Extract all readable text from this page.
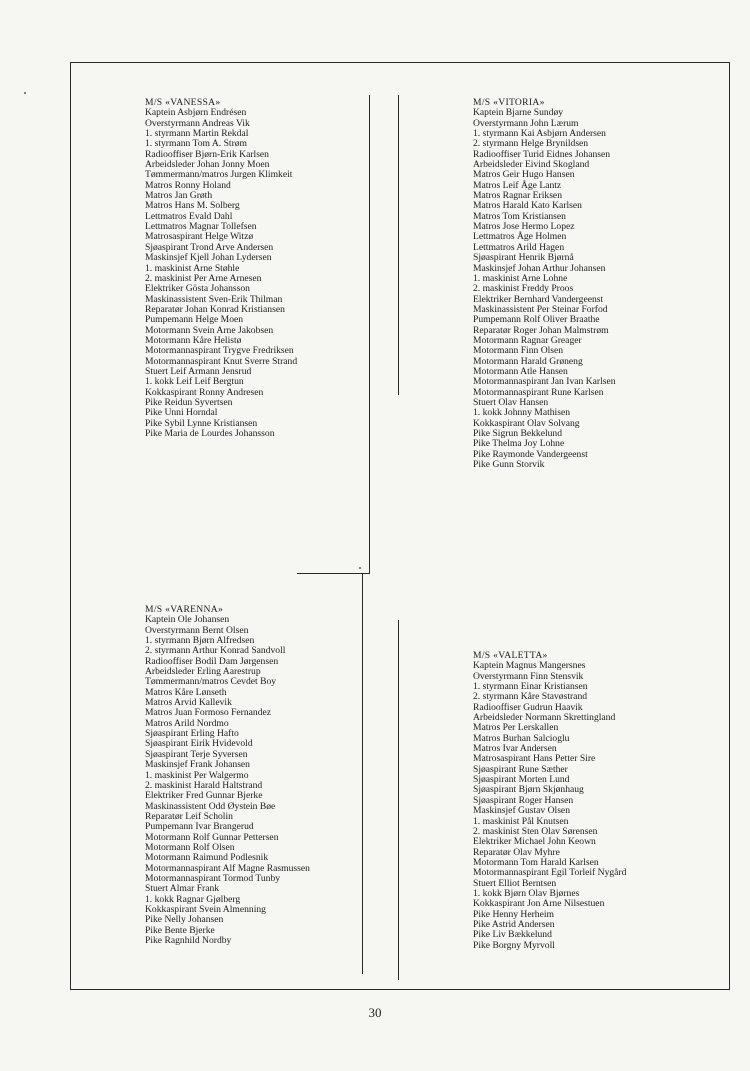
M/S «VANESSA»
Kaptein Asbjørn Endrésen
Overstyrmann Andreas Vik
1. styrmann Martin Rekdal
1. styrmann Tom A. Strøm
Radiooffiser Bjørn-Erik Karlsen
Arbeidsleder Johan Jonny Moen
Tømmermann/matros Jurgen Klimkeit
Matros Ronny Holand
Matros Jan Grøth
Matros Hans M. Solberg
Lettmatros Evald Dahl
Lettmatros Magnar Tollefsen
Matrosaspirant Helge Witzø
Sjøaspirant Trond Arve Andersen
Maskinsjef Kjell Johan Lydersen
1. maskinist Arne Støhle
2. maskinist Per Arne Arnesen
Elektriker Gösta Johansson
Maskinassistent Sven-Erik Thilman
Reparatør Johan Konrad Kristiansen
Pumpemann Helge Moen
Motormann Svein Arne Jakobsen
Motormann Kåre Helistø
Motormannaspirant Trygve Fredriksen
Motormannaspirant Knut Sverre Strand
Stuert Leif Armann Jensrud
1. kokk Leif Leif Bergtun
Kokkaspirant Ronny Andresen
Pike Reidun Syvertsen
Pike Unni Horndal
Pike Sybil Lynne Kristiansen
Pike Maria de Lourdes Johansson
M/S «VITORIA»
Kaptein Bjarne Sundøy
Overstyrmann John Lærum
1. styrmann Kai Asbjørn Andersen
2. styrmann Helge Brynildsen
Radiooffiser Turid Eidnes Johansen
Arbeidsleder Eivind Skogland
Matros Geir Hugo Hansen
Matros Leif Åge Lantz
Matros Ragnar Eriksen
Matros Harald Kato Karlsen
Matros Tom Kristiansen
Matros Jose Hermo Lopez
Lettmatros Åge Holmen
Lettmatros Arild Hagen
Sjøaspirant Henrik Bjørnå
Maskinsjef Johan Arthur Johansen
1. maskinist Arne Lohne
2. maskinist Freddy Proos
Elektriker Bernhard Vandergeenst
Maskinassistent Per Steinar Forfod
Pumpemann Rolf Oliver Braathe
Reparatør Roger Johan Malmstrøm
Motormann Ragnar Greager
Motormann Finn Olsen
Motormann Harald Grøneng
Motormann Atle Hansen
Motormannaspirant Jan Ivan Karlsen
Motormannaspirant Rune Karlsen
Stuert Olav Hansen
1. kokk Johnny Mathisen
Kokkaspirant Olav Solvang
Pike Sigrun Bekkelund
Pike Thelma Joy Lohne
Pike Raymonde Vandergeenst
Pike Gunn Storvik
M/S «VARENNA»
Kaptein Ole Johansen
Overstyrmann Bernt Olsen
1. styrmann Bjørn Alfredsen
2. styrmann Arthur Konrad Sandvoll
Radiooffiser Bodil Dam Jørgensen
Arbeidsleder Erling Aarestrup
Tømmermann/matros Cevdet Boy
Matros Kåre Lønseth
Matros Arvid Kallevik
Matros Juan Formoso Fernandez
Matros Arild Nordmo
Sjøaspirant Erling Hafto
Sjøaspirant Eirik Hvidevold
Sjøaspirant Terje Syversen
Maskinsjef Frank Johansen
1. maskinist Per Walgermo
2. maskinist Harald Haltstrand
Elektriker Fred Gunnar Bjerke
Maskinassistent Odd Øystein Bøe
Reparatør Leif Scholin
Pumpemann Ivar Brangerud
Motormann Rolf Gunnar Pettersen
Motormann Rolf Olsen
Motormann Raimund Podlesnik
Motormannaspirant Alf Magne Rasmussen
Motormannaspirant Tormod Tunby
Stuert Almar Frank
1. kokk Ragnar Gjølberg
Kokkaspirant Svein Almenning
Pike Nelly Johansen
Pike Bente Bjerke
Pike Ragnhild Nordby
M/S «VALETTA»
Kaptein Magnus Mangersnes
Overstyrmann Finn Stensvik
1. styrmann Einar Kristiansen
2. styrmann Kåre Stavøstrand
Radiooffiser Gudrun Haavik
Arbeidsleder Normann Skrettingland
Matros Per Lerskallen
Matros Burhan Salcioglu
Matros Ivar Andersen
Matrosaspirant Hans Petter Sire
Sjøaspirant Rune Sæther
Sjøaspirant Morten Lund
Sjøaspirant Bjørn Skjønhaug
Sjøaspirant Roger Hansen
Maskinsjef Gustav Olsen
1. maskinist Pål Knutsen
2. maskinist Sten Olav Sørensen
Elektriker Michael John Keown
Reparatør Olav Myhre
Motormann Tom Harald Karlsen
Motormannaspirant Egil Torleif Nygård
Stuert Elliot Berntsen
1. kokk Bjørn Olav Bjørnes
Kokkaspirant Jon Arne Nilsestuen
Pike Henny Herheim
Pike Astrid Andersen
Pike Liv Bækkelund
Pike Borgny Myrvoll
30
